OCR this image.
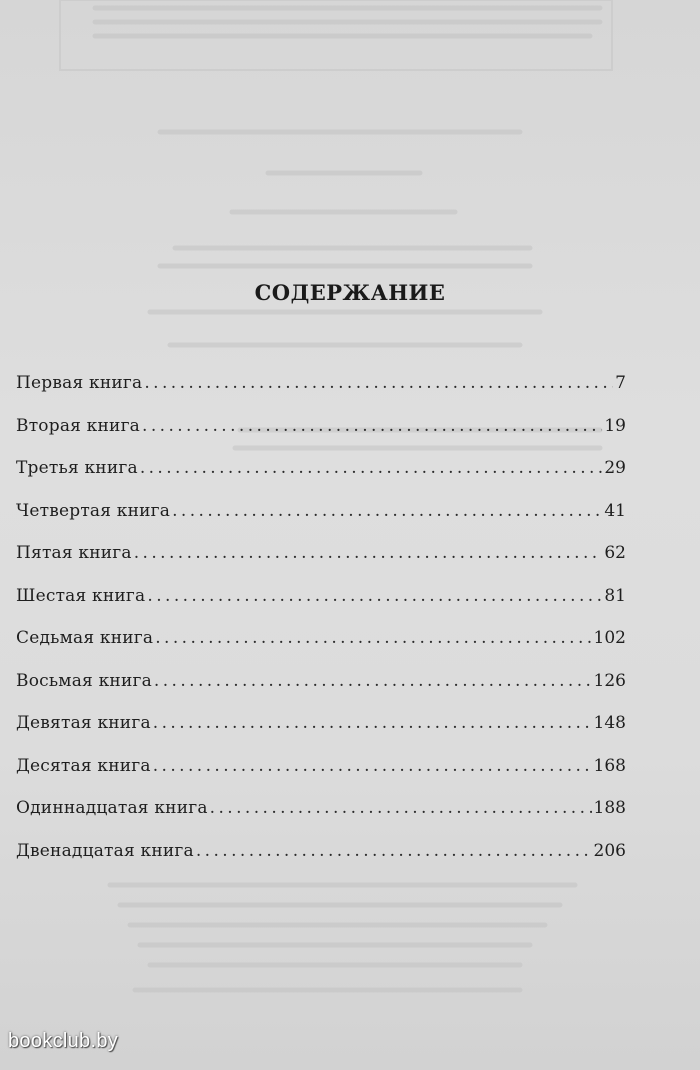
СОДЕРЖАНИЕ
Первая книга . . .	7
Вторая книга . . .	19
Третья книга . . .	29
Четвертая книга . . .	41
Пятая книга . . .	62
Шестая книга . . .	81
Седьмая книга . . .	102
Восьмая книга . . .	126
Девятая книга . . .	148
Десятая книга . . .	168
Одиннадцатая книга . . .	188
Двенадцатая книга . . .	206
bookclub.by
